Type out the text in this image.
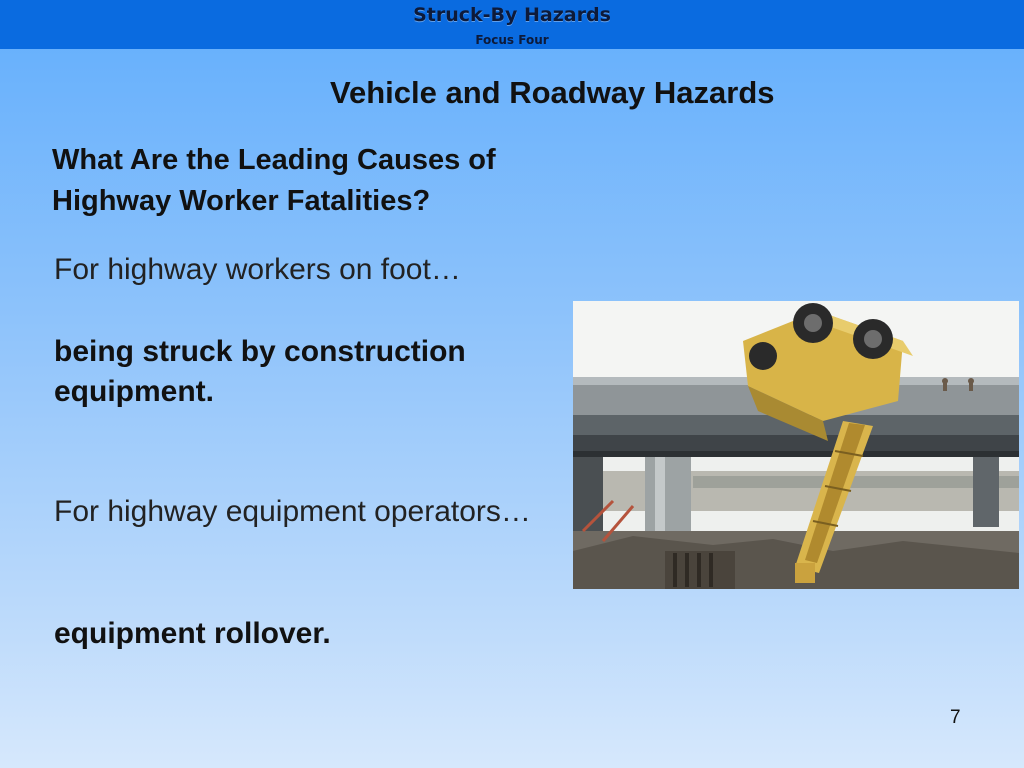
Struck-By Hazards
Focus Four
Vehicle and Roadway Hazards
What Are the Leading Causes of
Highway Worker Fatalities?
For highway workers on foot…
being struck by construction equipment.
For highway equipment operators…
equipment rollover.
7
